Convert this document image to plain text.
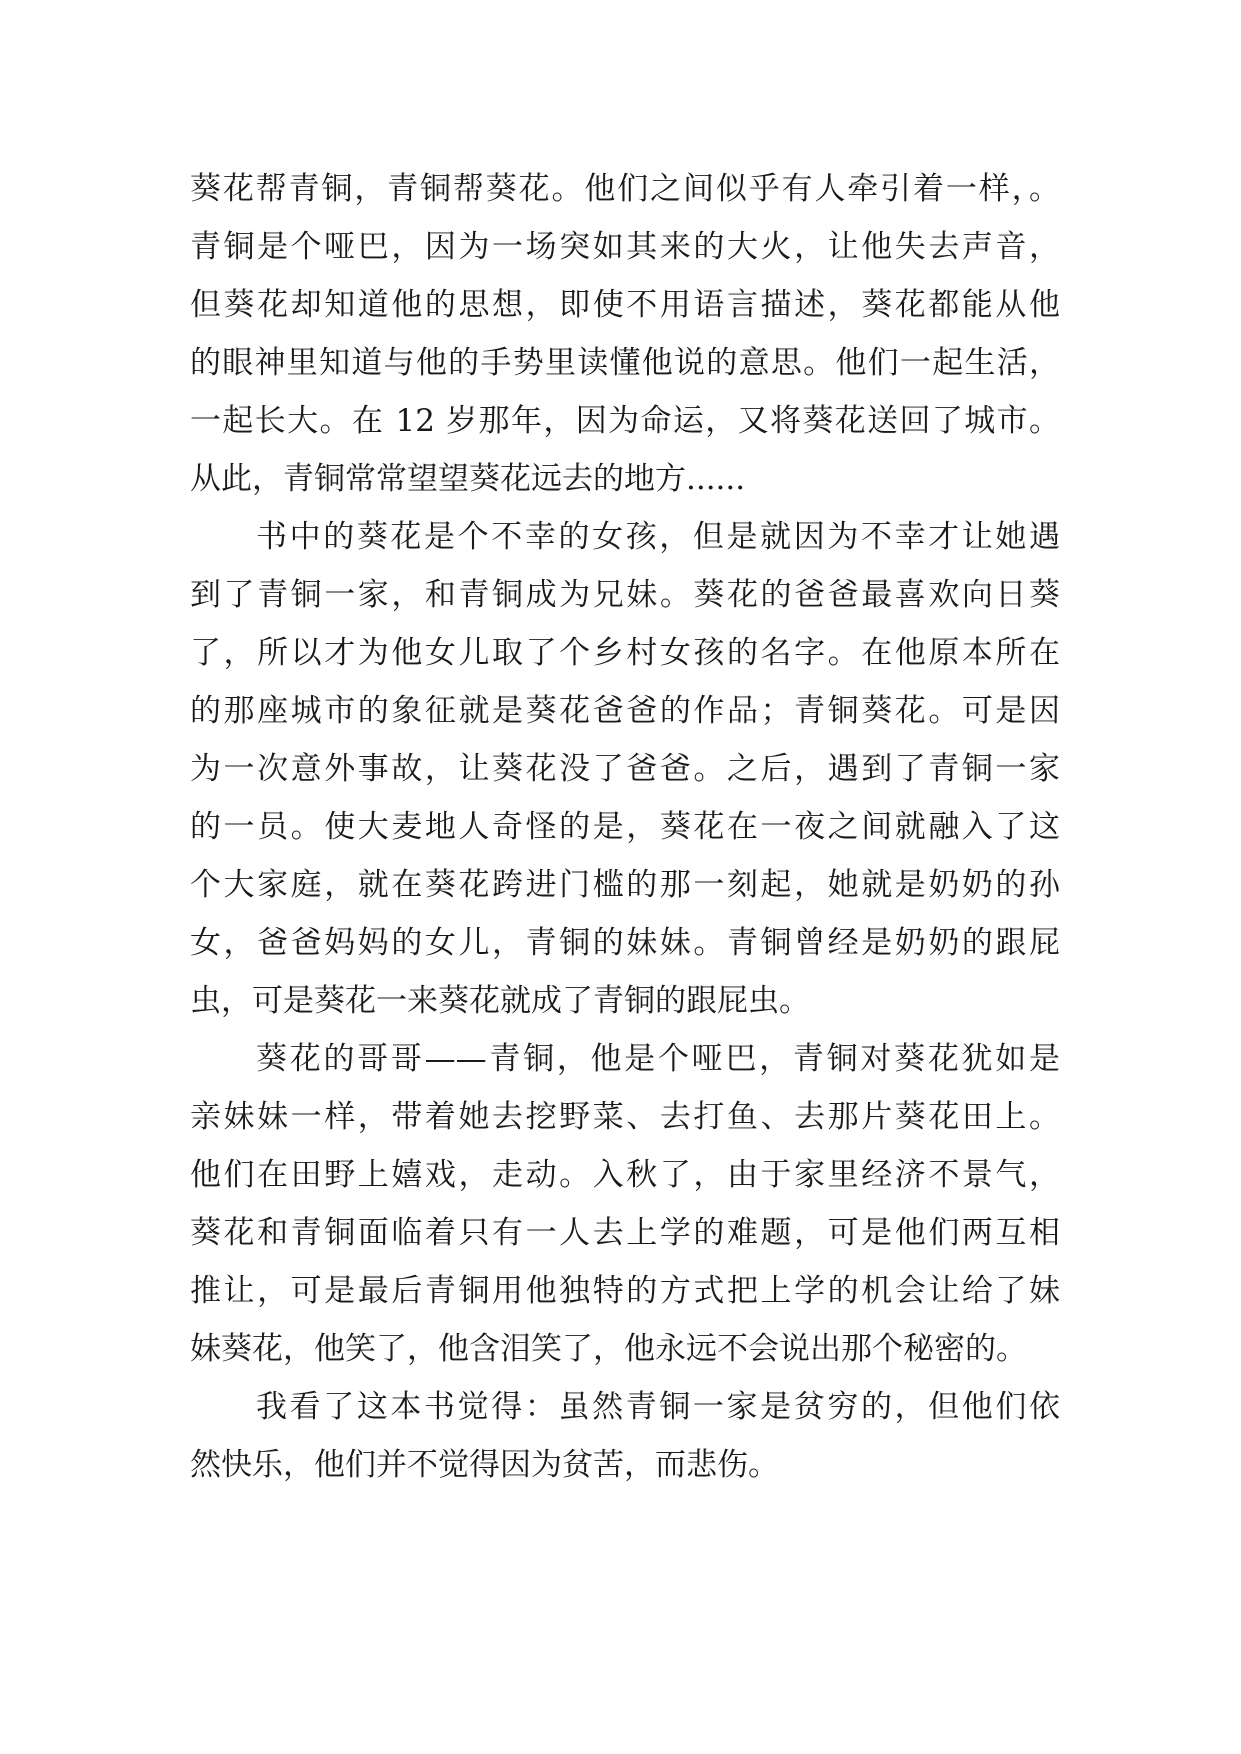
葵花帮青铜，青铜帮葵花。他们之间似乎有人牵引着一样，。
青铜是个哑巴，因为一场突如其来的大火，让他失去声音，
但葵花却知道他的思想，即使不用语言描述，葵花都能从他
的眼神里知道与他的手势里读懂他说的意思。他们一起生活，
一起长大。在 12 岁那年，因为命运，又将葵花送回了城市。
从此，青铜常常望望葵花远去的地方......
书中的葵花是个不幸的女孩，但是就因为不幸才让她遇
到了青铜一家，和青铜成为兄妹。葵花的爸爸最喜欢向日葵
了，所以才为他女儿取了个乡村女孩的名字。在他原本所在
的那座城市的象征就是葵花爸爸的作品；青铜葵花。可是因
为一次意外事故，让葵花没了爸爸。之后，遇到了青铜一家
的一员。使大麦地人奇怪的是，葵花在一夜之间就融入了这
个大家庭，就在葵花跨进门槛的那一刻起，她就是奶奶的孙
女，爸爸妈妈的女儿，青铜的妹妹。青铜曾经是奶奶的跟屁
虫，可是葵花一来葵花就成了青铜的跟屁虫。
葵花的哥哥——青铜，他是个哑巴，青铜对葵花犹如是
亲妹妹一样，带着她去挖野菜、去打鱼、去那片葵花田上。
他们在田野上嬉戏，走动。入秋了，由于家里经济不景气，
葵花和青铜面临着只有一人去上学的难题，可是他们两互相
推让，可是最后青铜用他独特的方式把上学的机会让给了妹
妹葵花，他笑了，他含泪笑了，他永远不会说出那个秘密的。
我看了这本书觉得：虽然青铜一家是贫穷的，但他们依
然快乐，他们并不觉得因为贫苦，而悲伤。
